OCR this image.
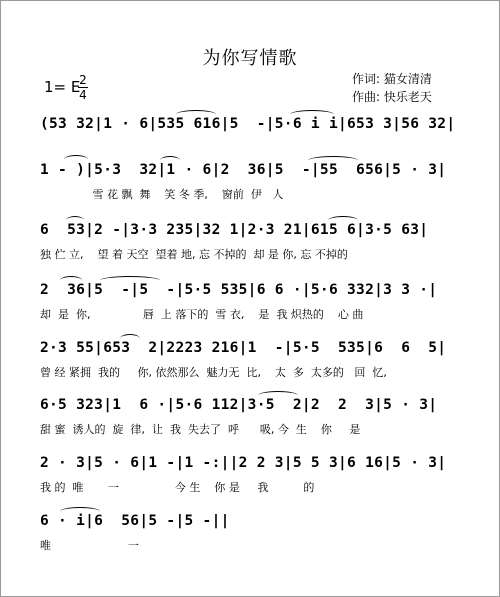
为你写情歌
作词: 猫女清清
作曲: 快乐老天
1= E
2
4
(53 32|1 · 6|535 616|5  -|5·6 i i|653 3|56 32|
1 - )|5·3  32|1 · 6|2  36|5  -|55  656|5 · 3|
雪 花 飘  舞    笑 冬 季,    窗前  伊   人
6  53|2 -|3·3 235|32 1|2·3 21|615 6|3·5 63|
独 伫 立,    望 着 天空  望着 地, 忘 不掉的  却 是 你, 忘 不掉的
2  36|5  -|5  -|5·5 535|6 6 ·|5·6 332|3 3 ·|
却  是  你,               唇  上 落下的  雪 衣,    是  我 炽热的    心 曲
2·3 55|653  2|2223 216|1  -|5·5  535|6  6  5|
曾 经 紧拥  我的     你, 依然那么  魅力无  比,    太  多  太多的   回  忆,
6·5 323|1  6 ·|5·6 112|3·5  2|2  2  3|5 · 3|
甜 蜜  诱人的  旋  律,  让  我  失去了  呼      吸, 今  生    你     是
2 · 3|5 · 6|1 -|1 -:||2 2 3|5 5 3|6 16|5 · 3|
我 的  唯       一                今 生    你 是     我          的
6 · i|6  56|5 -|5 -||
唯                      一
